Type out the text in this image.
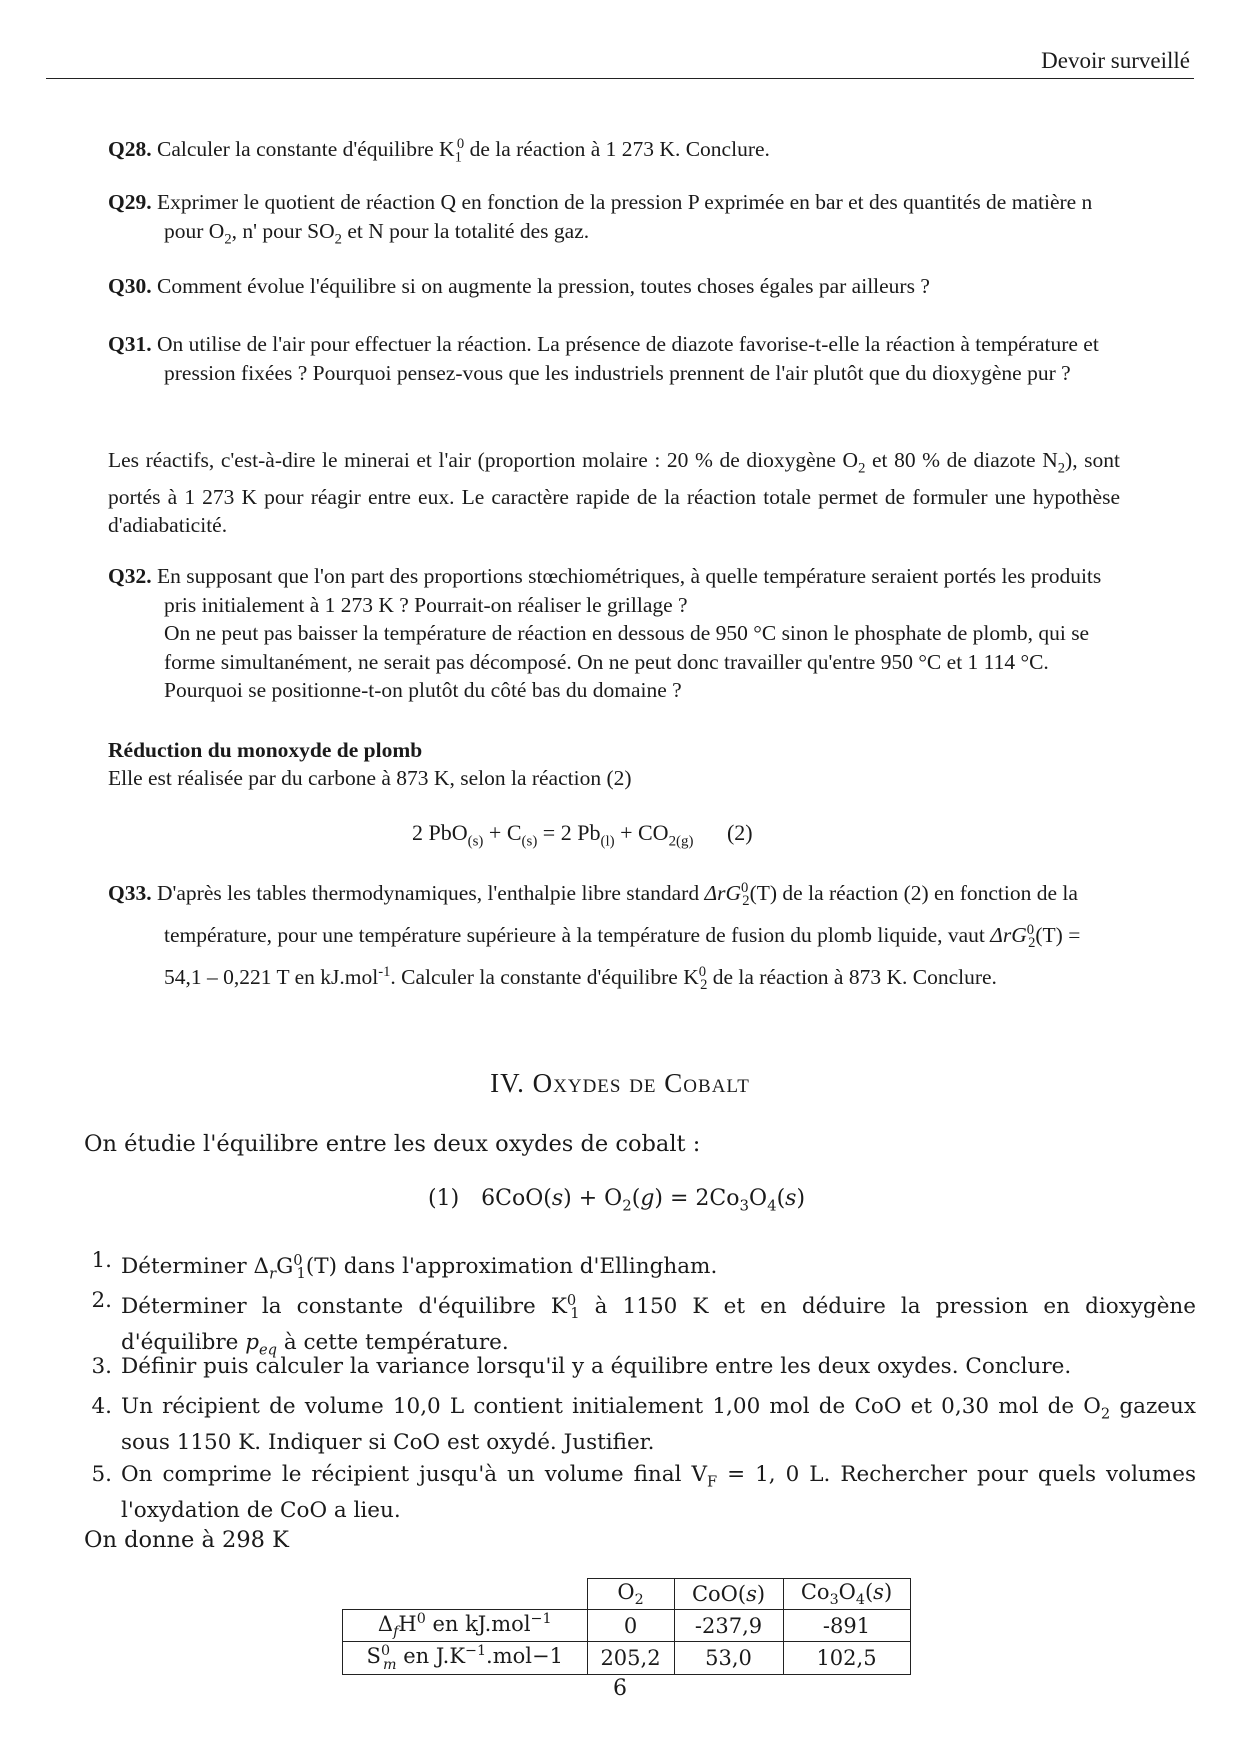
Devoir surveillé
Q28. Calculer la constante d'équilibre $K_1^0$ de la réaction à 1 273 K. Conclure.
Q29. Exprimer le quotient de réaction Q en fonction de la pression P exprimée en bar et des quantités de matière n pour $O_2$, n' pour $SO_2$ et N pour la totalité des gaz.
Q30. Comment évolue l'équilibre si on augmente la pression, toutes choses égales par ailleurs ?
Q31. On utilise de l'air pour effectuer la réaction. La présence de diazote favorise-t-elle la réaction à température et pression fixées ? Pourquoi pensez-vous que les industriels prennent de l'air plutôt que du dioxygène pur ?
Les réactifs, c'est-à-dire le minerai et l'air (proportion molaire : 20 % de dioxygène $O_2$ et 80 % de diazote $N_2$), sont portés à 1 273 K pour réagir entre eux. Le caractère rapide de la réaction totale permet de formuler une hypothèse d'adiabaticité.
Q32. En supposant que l'on part des proportions stœchiométriques, à quelle température seraient portés les produits pris initialement à 1 273 K ? Pourrait-on réaliser le grillage ?
On ne peut pas baisser la température de réaction en dessous de 950 °C sinon le phosphate de plomb, qui se forme simultanément, ne serait pas décomposé. On ne peut donc travailler qu'entre 950 °C et 1 114 °C. Pourquoi se positionne-t-on plutôt du côté bas du domaine ?
Réduction du monoxyde de plomb
Elle est réalisée par du carbone à 873 K, selon la réaction (2)
2 $PbO_{(s)} + C_{(s)} = 2$ $Pb_{(l)} + CO_{2(g)}$ (2)
Q33. D'après les tables thermodynamiques, l'enthalpie libre standard ΔrG$^0_2$(T) de la réaction (2) en fonction de la température, pour une température supérieure à la température de fusion du plomb liquide, vaut ΔrG$^0_2$(T) = 54,1 – 0,221 T en kJ.mol$^{-1}$. Calculer la constante d'équilibre $K^0_2$ de la réaction à 873 K. Conclure.
IV. Oxydes de Cobalt
On étudie l'équilibre entre les deux oxydes de cobalt :
(1) $6CoO(s) + O_2(g) = 2Co_3O_4(s)$
1. Déterminer $\Delta_rG^0_1(T)$ dans l'approximation d'Ellingham.
2. Déterminer la constante d'équilibre $K^0_1$ à 1150 K et en déduire la pression en dioxygène d'équilibre $p_{eq}$ à cette température.
3. Définir puis calculer la variance lorsqu'il y a équilibre entre les deux oxydes. Conclure.
4. Un récipient de volume 10,0 L contient initialement 1,00 mol de CoO et 0,30 mol de $O_2$ gazeux sous 1150 K. Indiquer si CoO est oxydé. Justifier.
5. On comprime le récipient jusqu'à un volume final $V_F = 1$, 0 L. Rechercher pour quels volumes l'oxydation de CoO a lieu.
On donne à 298 K
	$O_2$	CoO(s)	$Co_3O_4(s)$
$\Delta_fH^0$ en kJ.mol$^{-1}$	0	-237,9	-891
$S^0_m$ en $J.K^{-1}.mol-1$	205,2	53,0	102,5
6
